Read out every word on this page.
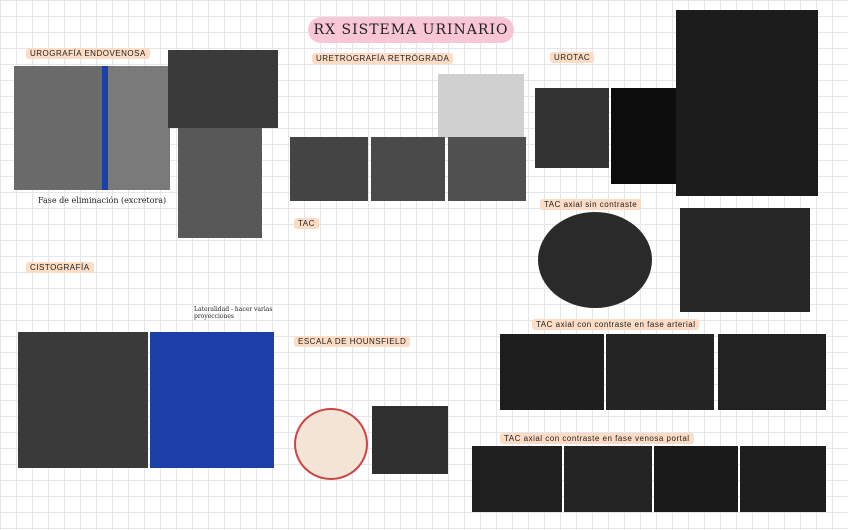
RX SISTEMA URINARIO
UROGRAFÍA ENDOVENOSA
Fase de eliminación (excretora)
URETROGRAFÍA RETRÓGRADA	UROTAC
TAC
TAC axial sin contraste
CISTOGRAFÍA
Lateralidad - hacer varias proyecciones
ESCALA DE HOUNSFIELD
TAC axial con contraste en fase arterial
TAC axial con contraste en fase venosa portal
